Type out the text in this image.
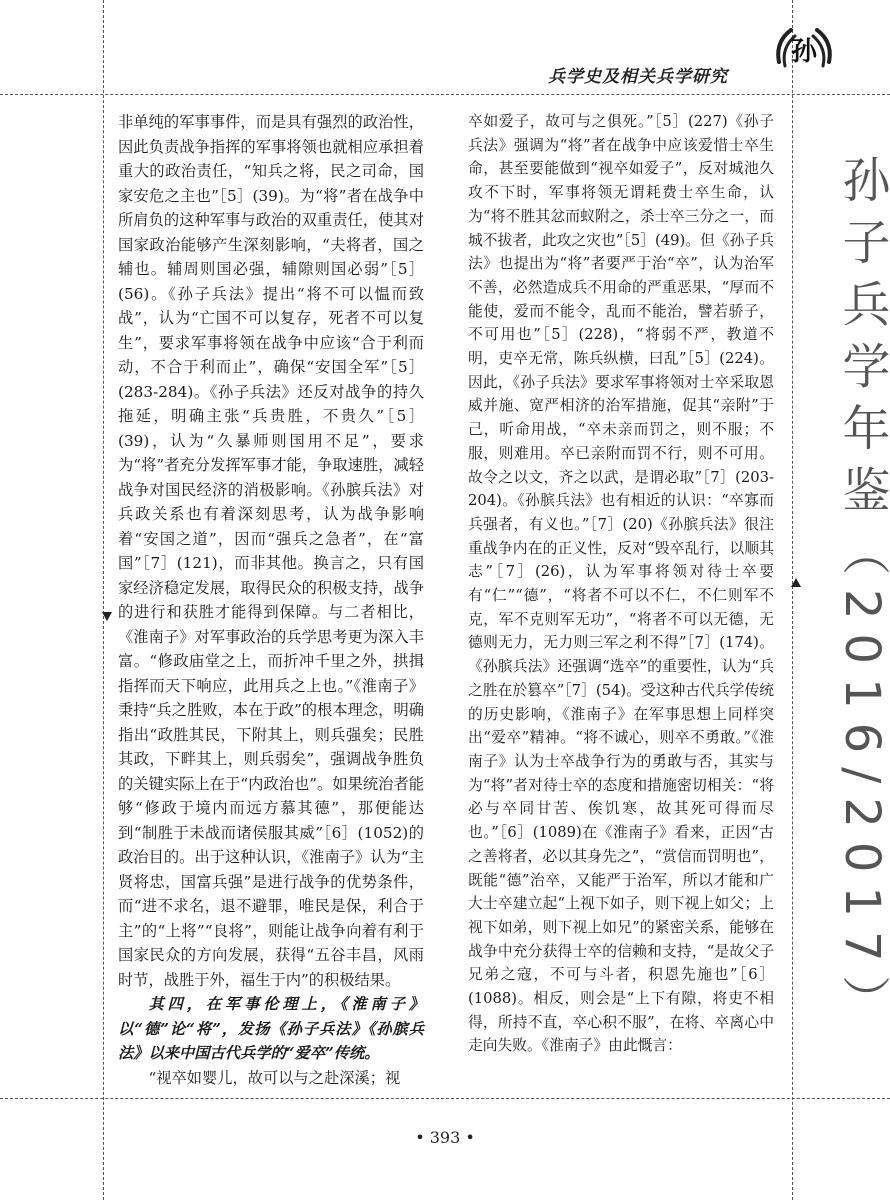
兵学史及相关兵学研究
孙
孙子兵学年鉴（2016/2017）

非单纯的军事事件，而是具有强烈的政治性，因此负责战争指挥的军事将领也就相应承担着重大的政治责任，“知兵之将，民之司命，国家安危之主也”［5］(39)。为“将”者在战争中所肩负的这种军事与政治的双重责任，使其对国家政治能够产生深刻影响，“夫将者，国之辅也。辅周则国必强，辅隙则国必弱”［5］(56)。《孙子兵法》提出“将不可以愠而致战”，认为“亡国不可以复存，死者不可以复生”，要求军事将领在战争中应该“合于利而动，不合于利而止”，确保“安国全军”［5］(283-284)。《孙子兵法》还反对战争的持久拖延，明确主张“兵贵胜，不贵久”［5］(39)，认为“久暴师则国用不足”，要求为“将”者充分发挥军事才能，争取速胜，减轻战争对国民经济的消极影响。《孙膑兵法》对兵政关系也有着深刻思考，认为战争影响着“安国之道”，因而“强兵之急者”，在“富国”［7］(121)，而非其他。换言之，只有国家经济稳定发展，取得民众的积极支持，战争的进行和获胜才能得到保障。与二者相比，《淮南子》对军事政治的兵学思考更为深入丰富。“修政庙堂之上，而折冲千里之外，拱揖指挥而天下响应，此用兵之上也。”《淮南子》秉持“兵之胜败，本在于政”的根本理念，明确指出“政胜其民，下附其上，则兵强矣；民胜其政，下畔其上，则兵弱矣”，强调战争胜负的关键实际上在于“内政治也”。如果统治者能够“修政于境内而远方慕其德”，那便能达到“制胜于未战而诸侯服其威”［6］(1052)的政治目的。出于这种认识，《淮南子》认为“主贤将忠，国富兵强”是进行战争的优势条件，而“进不求名，退不避罪，唯民是保，利合于主”的“上将”“良将”，则能让战争向着有利于国家民众的方向发展，获得“五谷丰昌，风雨时节，战胜于外，福生于内”的积极结果。

其四，在军事伦理上，《淮南子》以“德”论“将”，发扬《孙子兵法》《孙膑兵法》以来中国古代兵学的“爱卒”传统。

“视卒如婴儿，故可以与之赴深溪；视

卒如爱子，故可与之俱死。”［5］(227)《孙子兵法》强调为“将”者在战争中应该爱惜士卒生命，甚至要能做到“视卒如爱子”，反对城池久攻不下时，军事将领无谓耗费士卒生命，认为“将不胜其忿而蚁附之，杀士卒三分之一，而城不拔者，此攻之灾也”［5］(49)。但《孙子兵法》也提出为“将”者要严于治“卒”，认为治军不善，必然造成兵不用命的严重恶果，“厚而不能使，爱而不能令，乱而不能治，譬若骄子，不可用也”［5］(228)，“将弱不严，教道不明，吏卒无常，陈兵纵横，曰乱”［5］(224)。因此，《孙子兵法》要求军事将领对士卒采取恩威并施、宽严相济的治军措施，促其“亲附”于己，听命用战，“卒未亲而罚之，则不服；不服，则难用。卒已亲附而罚不行，则不可用。故令之以文，齐之以武，是谓必取”［7］(203-204)。《孙膑兵法》也有相近的认识：“卒寡而兵强者，有义也。”［7］(20)《孙膑兵法》很注重战争内在的正义性，反对“毁卒乱行，以顺其志”［7］(26)，认为军事将领对待士卒要有“仁”“德”，“将者不可以不仁，不仁则军不克，军不克则军无功”，“将者不可以无德，无德则无力，无力则三军之利不得”［7］(174)。《孙膑兵法》还强调“选卒”的重要性，认为“兵之胜在於篡卒”［7］(54)。受这种古代兵学传统的历史影响，《淮南子》在军事思想上同样突出“爱卒”精神。“将不诚心，则卒不勇敢。”《淮南子》认为士卒战争行为的勇敢与否，其实与为“将”者对待士卒的态度和措施密切相关：“将必与卒同甘苦、俟饥寒，故其死可得而尽也。”［6］(1089)在《淮南子》看来，正因“古之善将者，必以其身先之”，“赏信而罚明也”，既能“德”治卒，又能严于治军，所以才能和广大士卒建立起“上视下如子，则下视上如父；上视下如弟，则下视上如兄”的紧密关系，能够在战争中充分获得士卒的信赖和支持，“是故父子兄弟之寇，不可与斗者，积恩先施也”［6］(1088)。相反，则会是“上下有隙，将吏不相得，所持不直，卒心积不服”，在将、卒离心中走向失败。《淮南子》由此慨言：

• 393 •
